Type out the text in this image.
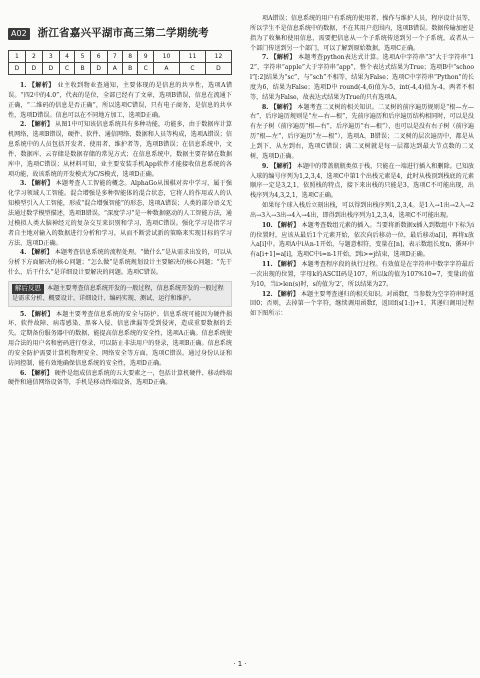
A02 浙江省嘉兴平湖市高三第二学期统考
1	2	3	4	5	6	7	8	9	10	11	12
D	D	D	C	B	D	A	B	C	A	C	D

1. 【解析】 业主收到物业查通知，主要体现的是信息的共享性，选项A错误。“四2中的4.0”，代表的是位，全部已经有了文章，选项B错误，信息在流通下正确，“二维码的信息是否正确”，所以选项C错误，只有电子商务，是信息的共享性，选项D错误。信息可以在不同地方加工，选项D正确。

2. 【解析】 从图1中可知该信息系统具有多种功能，功能多，由于数据库计算机网络，选项B错误，硬件、软件、通信网络、数据和人员等构成，选项A错误；信息系统中的人员包括开发者、使用者、维护者等，选项B错误；在信息系统中，文件、数据库、云存储是数据存储的常见方式；在信息系统中，数据主要存储在数据库中，选项C错误；从材料可知，业主要安装手机App软件才能接收信息系统的各项功能，故该系统的开发模式为C/S模式，选项D正确。

3. 【解析】 本题考查人工智能的概念。AlphaGo从围棋对弈中学习，属于强化学习领域人工智能。混合增强是多种智能体的混合状态，它将人的作用或人的认知模型引入人工智能，形成“混合增强智能”的形态，选项A错误；人类的部分语义无法通过数学模型描述，选项B错误。“深度学习”是一种数据驱动的人工智能方法，通过模拟人类大脑神经元的复杂交互来识别和学习，选项C错误。强化学习是指学习者自主地对输入的数据进行分析和学习，从而不断尝试新的策略来实现目标的学习方法，选项D正确。

4. 【解析】 本题考查信息系统的流程处理。“做什么”是从需求出发的，可以从分析下方面解决的核心问题；“怎么做”是系统规划设计主要解决的核心问题；“先干什么、后干什么”是详细设计要解决的问题。选项C错误。

解后反思 本题主要考查信息系统开发的一般过程，信息系统开发的一般过程是需求分析、概要设计、详细设计、编码实现、测试、运行和维护。

5. 【解析】 本题主要考查信息系统的安全与防护。信息系统可能因为硬件损坏、软件故障、病毒感染、黑客入侵、信息泄漏等受到侵害，造成重要数据的丢失。定期备份服务器中的数据，能提高信息系统的安全性，选项A正确。信息系统使用合法的用户名和密码进行登录，可以防止非法用户的登录，选项B正确。信息系统的安全防护需要计算机物理安全、网络安全等方面，选项C错误。通过身份认证和访问控制，能有效地确保信息系统的安全性，选项D正确。

6. 【解析】 硬件是组成信息系统的五大要素之一，包括计算机硬件、移动终端硬件和通信网络设备等，手机是移动终端设备，选项D正确。

项A错误；信息系统的用户有系统的使用者、操作与维护人员，程序设计员等，所以学生不是信息系统中的数据，不在其用户范围内，选项B错误。数据传输加密是指为了收集和使用信息，需要把信息从一个子系统传送到另一个子系统，或者从一个部门传送到另一个部门，可以了解到原始数据，选项C正确。

7. 【解析】 本题考查python表达式计算。选项A中字符串“3”大于字符串“12”，字符串“apple”大于字符串“app”，整个表达式结果为True；选项B中“school”[:2]结果为“sc”，与“sch”不相等，结果为False；选项C中字符串“Python”的长度为6，结果为False；选项D中 round(-4,6)值为-5，int(-4,4)值为-4，两者不相等，结果为False，故表达式结果为True的只有选项A。

8. 【解析】 本题考查二叉树的相关知识。二叉树的前序遍历规则是“根—左—右”，后序遍历规则是“左—右—根”，先前序遍历和后序遍历结构相同时，可以是没有左子树（前序遍历“根—右”，后序遍历“右—根”），也可以是没有右子树（前序遍历“根—左”，后序遍历“左—根”），选项A、B错误；二叉树的层次遍历中，都是从上到下、从左到右，选项C错误；满二叉树就是每一层都达到最大节点数的二叉树，选项D正确。

9. 【解析】 本题中的带盖瓶瓶类似于栈，只能在一端进行插入和删除。已知放入球的编号序列为1,2,3,4，选项C中第1个出栈元素是4，此时从栈顶到栈底的元素顺序一定是3,2,1，依照栈的特点，接下来出栈的只能是3，选项C不可能出现，出栈序列为4,3,2,1，选项C正确。

如果每个球入栈后立刻出栈，可以得到出栈序列1,2,3,4。是1入→1出→2入→2出→3入→3出→4入→4出，即得到出栈序列为1,2,3,4，选项C不可能出现。

10. 【解析】 本题考查数组元素的插入。当要将新数据x插入到数组中下标为i的位置时，应该从最后1个元素开始，依次向后移动一位，最后移动a[i]，再将x放入a[i]中。选项A中i从n-1开始，与题意相符，变量在[n]，表示数组长度n，循环中有a[i+1]=a[i]，选项C中i=n-1开始，到i>=j结束，选项D正确。

11. 【解析】 本题考查程序段的执行过程。有效值是在字符串中数字字符最后一次出现的位置，字母k的ASCII码是107，所以k的值为107%10=7，变量i的值为10，当i>len(s)时，s的值为‘2’，所以结果为27。

12. 【解析】 本题主要考查递归的相关知识。对函数f，当参数为空字符串时返回0；否则，去掉第一个字符，继续调用函数f，返回f(s[1:])+1，其递归调用过程如下图所示：

· 1 ·
